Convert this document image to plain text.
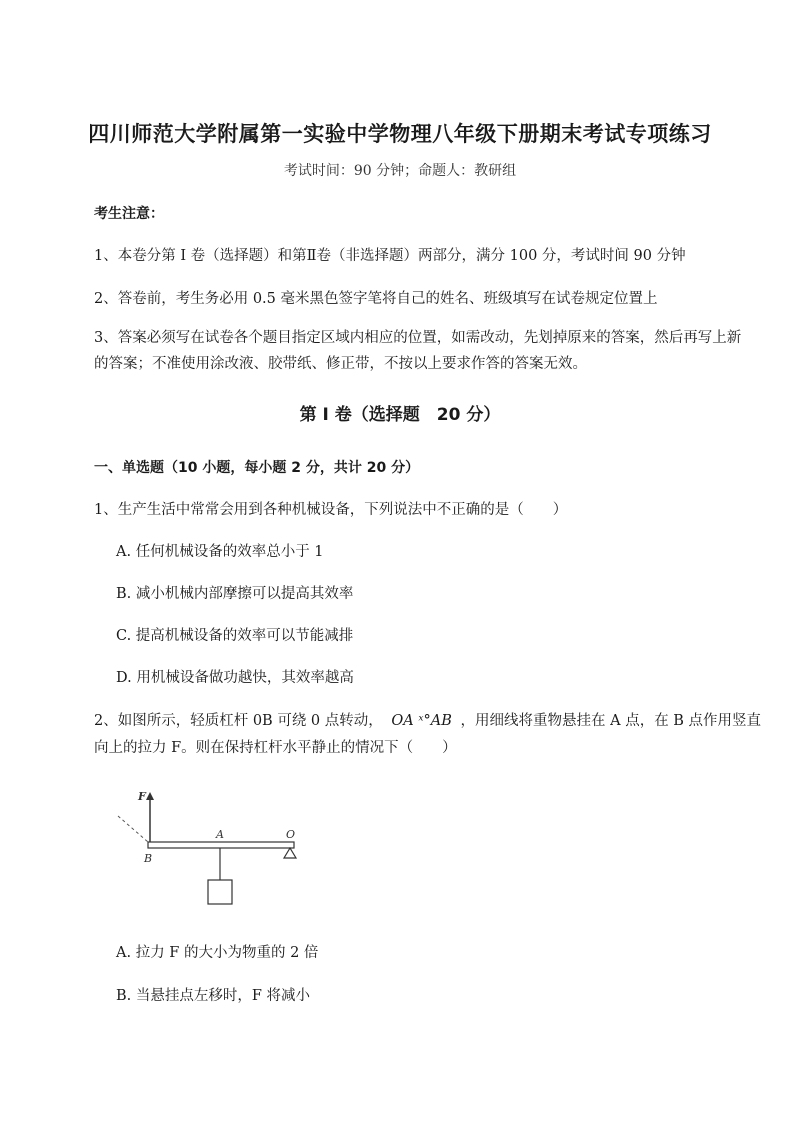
四川师范大学附属第一实验中学物理八年级下册期末考试专项练习
考试时间：90 分钟；命题人：教研组
考生注意：
1、本卷分第 I 卷（选择题）和第Ⅱ卷（非选择题）两部分，满分 100 分，考试时间 90 分钟
2、答卷前，考生务必用 0.5 毫米黑色签字笔将自己的姓名、班级填写在试卷规定位置上
3、答案必须写在试卷各个题目指定区域内相应的位置，如需改动，先划掉原来的答案，然后再写上新的答案；不准使用涂改液、胶带纸、修正带，不按以上要求作答的答案无效。
第 I 卷（选择题　20 分）
一、单选题（10 小题，每小题 2 分，共计 20 分）
1、生产生活中常常会用到各种机械设备，下列说法中不正确的是（　　）
A. 任何机械设备的效率总小于 1
B. 减小机械内部摩擦可以提高其效率
C. 提高机械设备的效率可以节能减排
D. 用机械设备做功越快，其效率越高
2、如图所示，轻质杠杆 0B 可绕 0 点转动， OA ˣ°AB ，用细线将重物悬挂在 A 点，在 B 点作用竖直
向上的拉力 F。则在保持杠杆水平静止的情况下（　　）
F
O
A
B
A. 拉力 F 的大小为物重的 2 倍
B. 当悬挂点左移时，F 将减小
